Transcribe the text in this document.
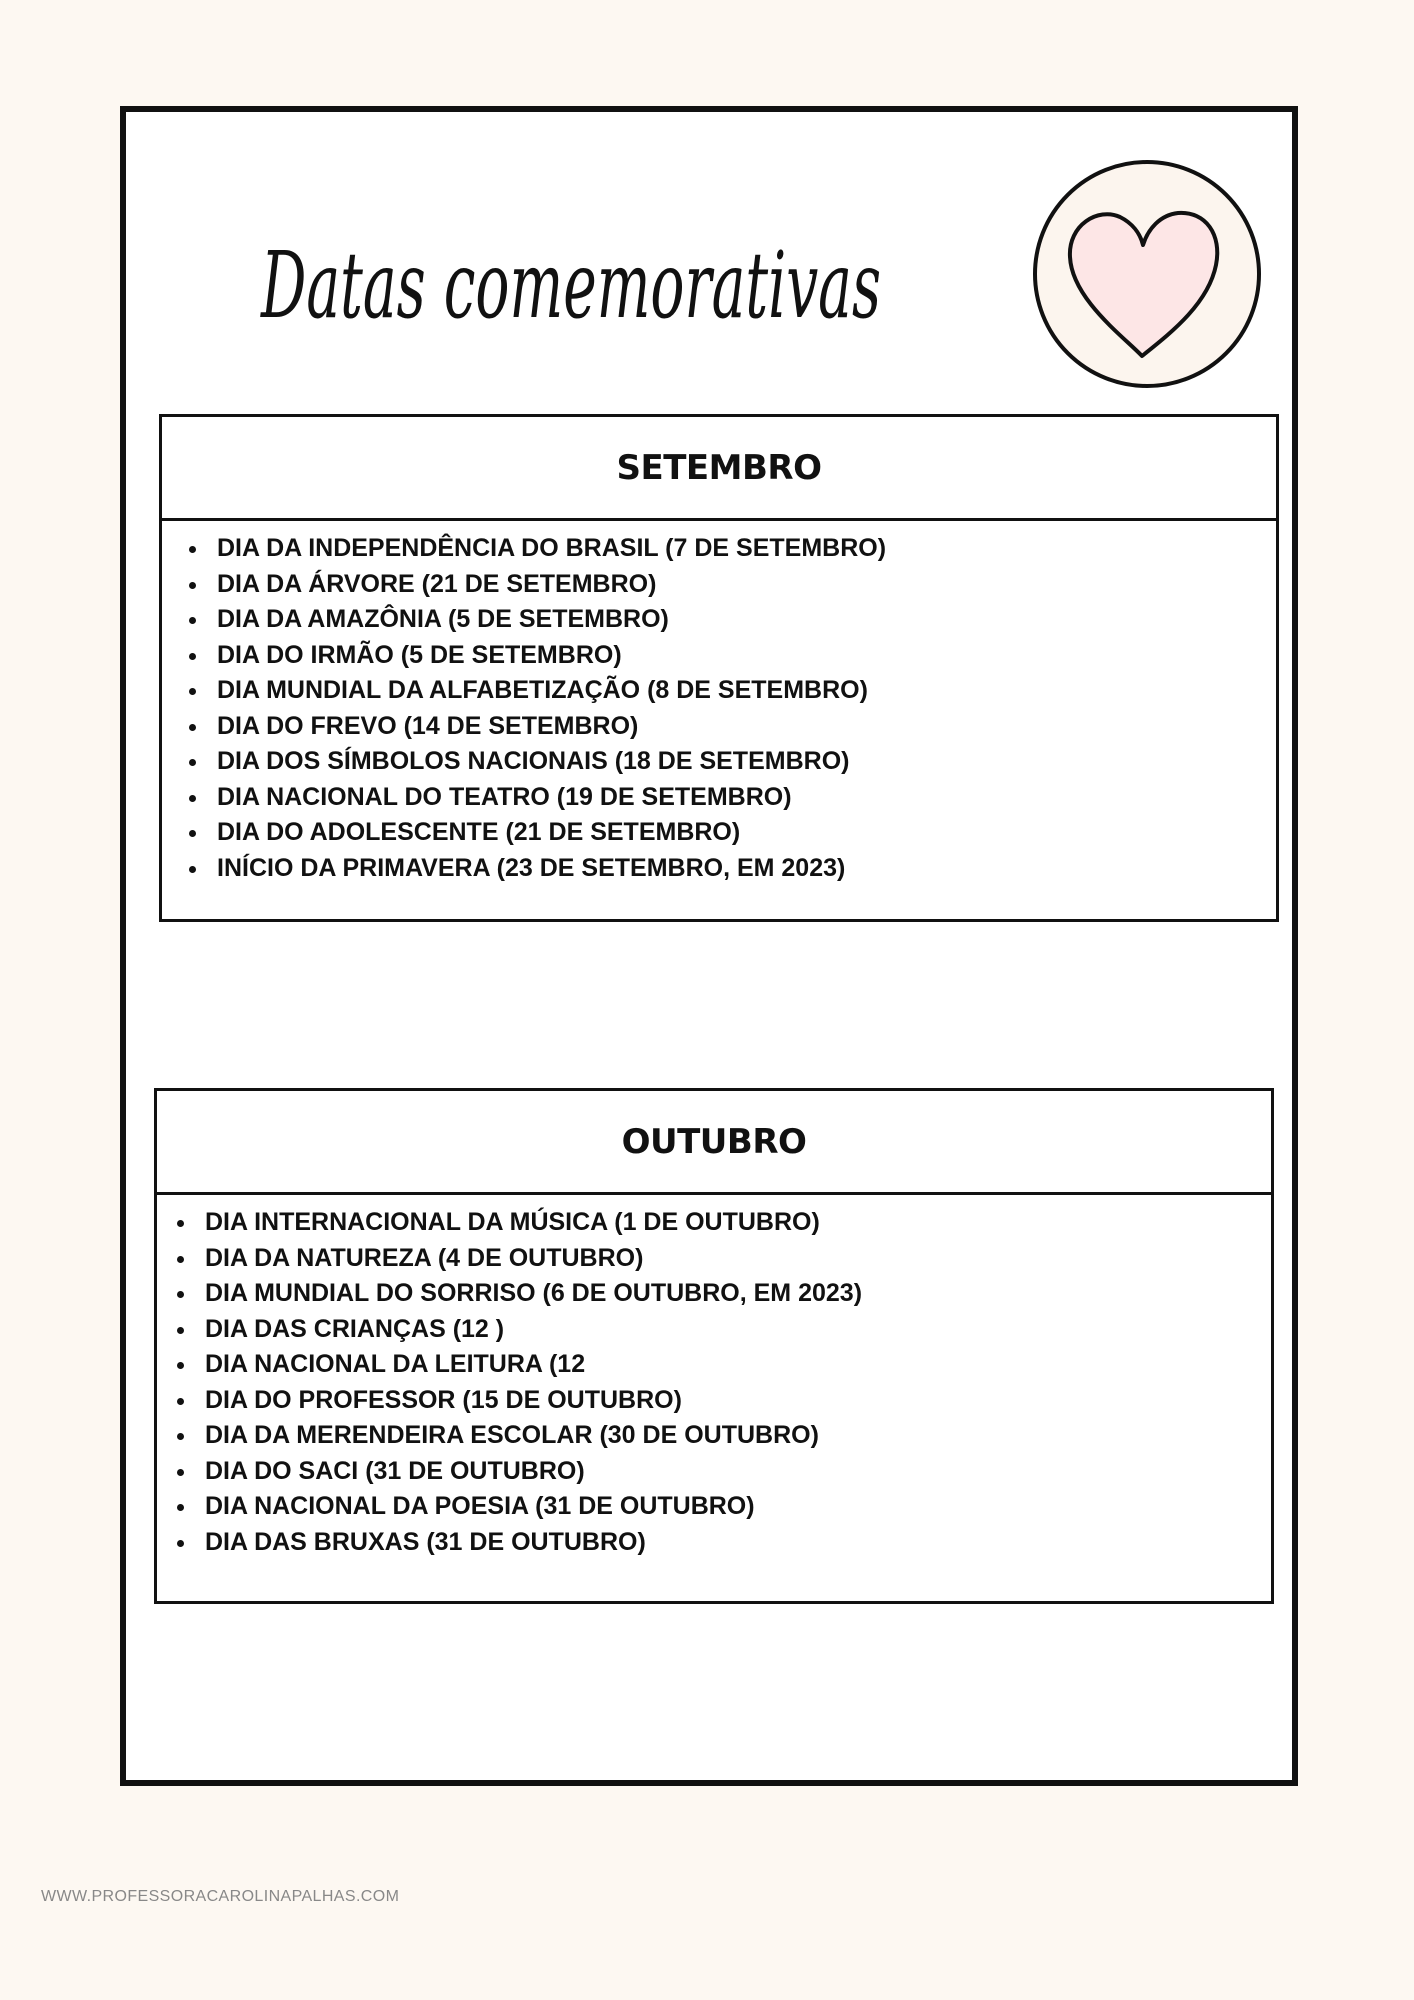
Datas comemorativas
SETEMBRO
DIA DA INDEPENDÊNCIA DO BRASIL (7 DE SETEMBRO)
DIA DA ÁRVORE (21 DE SETEMBRO)
DIA DA AMAZÔNIA (5 DE SETEMBRO)
DIA DO IRMÃO (5 DE SETEMBRO)
DIA MUNDIAL DA ALFABETIZAÇÃO (8 DE SETEMBRO)
DIA DO FREVO (14 DE SETEMBRO)
DIA DOS SÍMBOLOS NACIONAIS (18 DE SETEMBRO)
DIA NACIONAL DO TEATRO (19 DE SETEMBRO)
DIA DO ADOLESCENTE (21 DE SETEMBRO)
INÍCIO DA PRIMAVERA (23 DE SETEMBRO, EM 2023)
OUTUBRO
DIA INTERNACIONAL DA MÚSICA (1 DE OUTUBRO)
DIA DA NATUREZA (4 DE OUTUBRO)
DIA MUNDIAL DO SORRISO (6 DE OUTUBRO, EM 2023)
DIA DAS CRIANÇAS (12 )
DIA NACIONAL DA LEITURA (12
DIA DO PROFESSOR (15 DE OUTUBRO)
DIA DA MERENDEIRA ESCOLAR (30 DE OUTUBRO)
DIA DO SACI (31 DE OUTUBRO)
DIA NACIONAL DA POESIA (31 DE OUTUBRO)
DIA DAS BRUXAS (31 DE OUTUBRO)
WWW.PROFESSORACAROLINAPALHAS.COM
